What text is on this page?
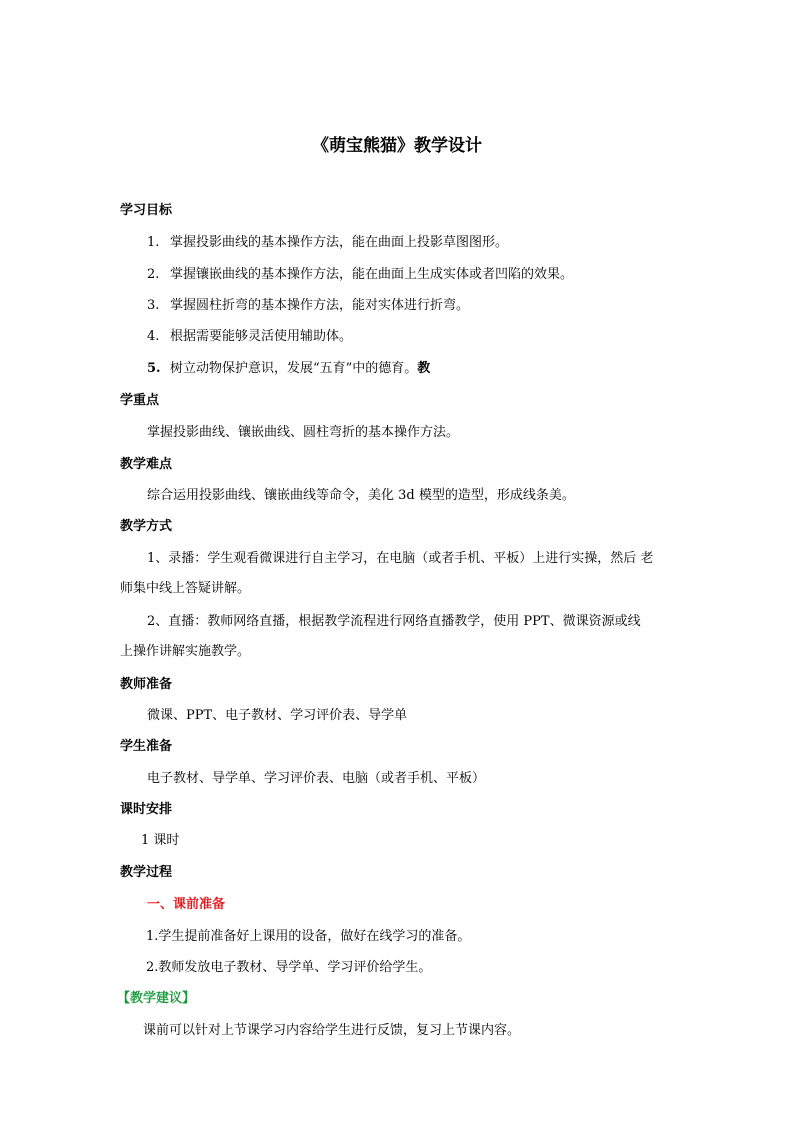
《萌宝熊猫》教学设计
学习目标
1. 掌握投影曲线的基本操作方法，能在曲面上投影草图图形。
2. 掌握镶嵌曲线的基本操作方法，能在曲面上生成实体或者凹陷的效果。
3. 掌握圆柱折弯的基本操作方法，能对实体进行折弯。
4. 根据需要能够灵活使用辅助体。
5. 树立动物保护意识，发展“五育”中的德育。教
学重点
掌握投影曲线、镶嵌曲线、圆柱弯折的基本操作方法。
教学难点
综合运用投影曲线、镶嵌曲线等命令，美化 3d 模型的造型，形成线条美。
教学方式
1、录播：学生观看微课进行自主学习，在电脑（或者手机、平板）上进行实操，然后 老
师集中线上答疑讲解。
2、直播：教师网络直播，根据教学流程进行网络直播教学，使用 PPT、微课资源或线
上操作讲解实施教学。
教师准备
微课、PPT、电子教材、学习评价表、导学单
学生准备
电子教材、导学单、学习评价表、电脑（或者手机、平板）
课时安排
1 课时
教学过程
一、课前准备
1.学生提前准备好上课用的设备，做好在线学习的准备。
2.教师发放电子教材、导学单、学习评价给学生。
【教学建议】
课前可以针对上节课学习内容给学生进行反馈，复习上节课内容。
